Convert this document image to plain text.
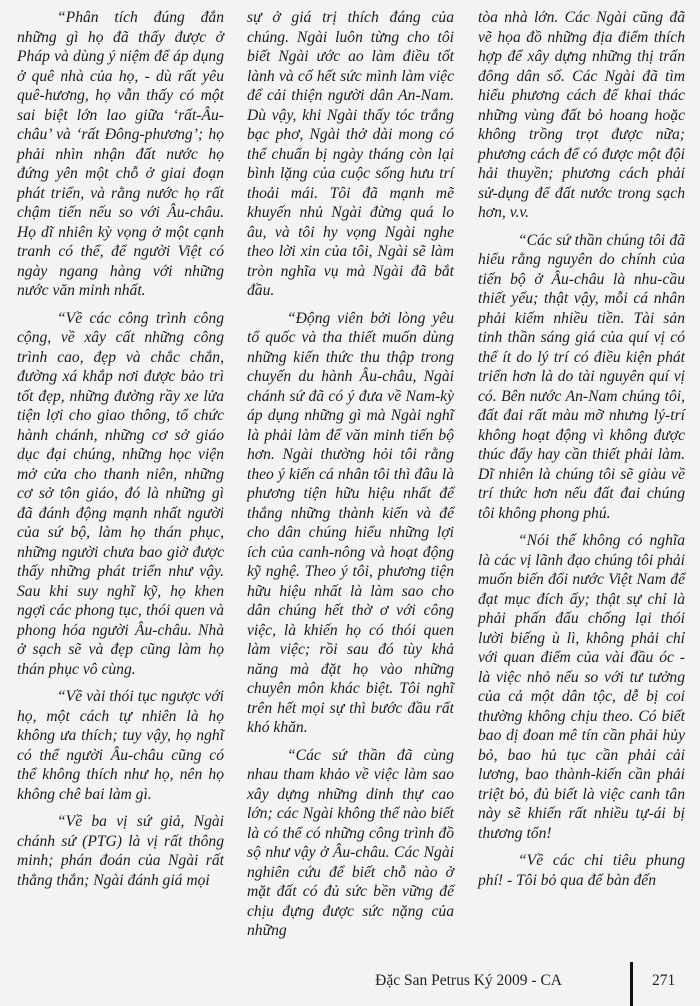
“Phân tích đúng đắn những gì họ đã thấy được ở Pháp và dùng ý niệm để áp dụng ở quê nhà của họ, - dù rất yêu quê-hương, họ vẫn thấy có một sai biệt lớn lao giữa ‘rất-Âu-châu’ và ‘rất Đông-phương’; họ phải nhìn nhận đất nước họ đứng yên một chỗ ở giai đoạn phát triển, và rằng nước họ rất chậm tiến nếu so với Âu-châu. Họ dĩ nhiên kỳ vọng ở một cạnh tranh có thể, để người Việt có ngày ngang hàng với những nước văn minh nhất.

“Về các công trình công cộng, về xây cất những công trình cao, đẹp và chắc chắn, đường xá khắp nơi được bảo trì tốt đẹp, những đường rầy xe lửa tiện lợi cho giao thông, tổ chức hành chánh, những cơ sở giáo dục đại chúng, những học viện mở cửa cho thanh niên, những cơ sở tôn giáo, đó là những gì đã đánh động mạnh nhất người của sứ bộ, làm họ thán phục, những người chưa bao giờ được thấy những phát triển như vậy. Sau khi suy nghĩ kỹ, họ khen ngợi các phong tục, thói quen và phong hóa người Âu-châu. Nhà ở sạch sẽ và đẹp cũng làm họ thán phục vô cùng.

“Về vài thói tục ngược với họ, một cách tự nhiên là họ không ưa thích; tuy vậy, họ nghĩ có thể người Âu-châu cũng có thể không thích như họ, nên họ không chê bai làm gì.

“Về ba vị sứ giả, Ngài chánh sứ (PTG) là vị rất thông minh; phán đoán của Ngài rất thẳng thắn; Ngài đánh giá mọi

sự ở giá trị thích đáng của chúng. Ngài luôn từng cho tôi biết Ngài ước ao làm điều tốt lành và cố hết sức mình làm việc để cải thiện người dân An-Nam. Dù vậy, khi Ngài thấy tóc trắng bạc phơ, Ngài thở dài mong có thể chuẩn bị ngày tháng còn lại bình lặng của cuộc sống hưu trí thoải mái. Tôi đã mạnh mẽ khuyến nhủ Ngài đừng quá lo âu, và tôi hy vọng Ngài nghe theo lời xin của tôi, Ngài sẽ làm tròn nghĩa vụ mà Ngài đã bắt đầu.

“Động viên bởi lòng yêu tổ quốc và tha thiết muốn dùng những kiến thức thu thập trong chuyến du hành Âu-châu, Ngài chánh sứ đã có ý đưa về Nam-kỳ áp dụng những gì mà Ngài nghĩ là phải làm để văn minh tiến bộ hơn. Ngài thường hỏi tôi rằng theo ý kiến cá nhân tôi thì đâu là phương tiện hữu hiệu nhất để thắng những thành kiến và để cho dân chúng hiểu những lợi ích của canh-nông và hoạt động kỹ nghệ. Theo ý tôi, phương tiện hữu hiệu nhất là làm sao cho dân chúng hết thờ ơ với công việc, là khiến họ có thói quen làm việc; rồi sau đó tùy khả năng mà đặt họ vào những chuyên môn khác biệt. Tôi nghĩ trên hết mọi sự thì bước đầu rất khó khăn.

“Các sứ thần đã cùng nhau tham khảo về việc làm sao xây dựng những dinh thự cao lớn; các Ngài không thể nào biết là có thể có những công trình đồ sộ như vậy ở Âu-châu. Các Ngài nghiên cứu để biết chỗ nào ở mặt đất có đủ sức bền vững để chịu đựng được sức nặng của những

tòa nhà lớn. Các Ngài cũng đã vẽ họa đồ những địa điểm thích hợp để xây dựng những thị trấn đông dân số. Các Ngài đã tìm hiểu phương cách để khai thác những vùng đất bỏ hoang hoặc không trồng trọt được nữa; phương cách để có được một đội hải thuyền; phương cách phải sử-dụng để đất nước trong sạch hơn, v.v.

“Các sứ thần chúng tôi đã hiểu rằng nguyên do chính của tiến bộ ở Âu-châu là nhu-cầu thiết yếu; thật vậy, mỗi cá nhân phải kiếm nhiều tiền. Tài sản tinh thần sáng giá của quí vị có thể ít do lý trí có điều kiện phát triển hơn là do tài nguyên quí vị có. Bên nước An-Nam chúng tôi, đất đai rất màu mỡ nhưng lý-trí không hoạt động vì không được thúc đẩy hay cần thiết phải làm. Dĩ nhiên là chúng tôi sẽ giàu về trí thức hơn nếu đất đai chúng tôi không phong phú.

“Nói thế không có nghĩa là các vị lãnh đạo chúng tôi phải muốn biến đổi nước Việt Nam để đạt mục đích ấy; thật sự chỉ là phải phấn đấu chống lại thói lười biếng ù lì, không phải chỉ với quan điểm của vài đầu óc - là việc nhỏ nếu so với tư tưởng của cả một dân tộc, dễ bị coi thường không chịu theo. Có biết bao dị đoan mê tín cần phải hủy bỏ, bao hủ tục cần phải cải lương, bao thành-kiến cần phải triệt bỏ, đủ biết là việc canh tân này sẽ khiến rất nhiều tự-ái bị thương tổn!

“Về các chi tiêu phung phí! - Tôi bỏ qua để bàn đến

Đặc San Petrus Ký 2009 - CA	271
